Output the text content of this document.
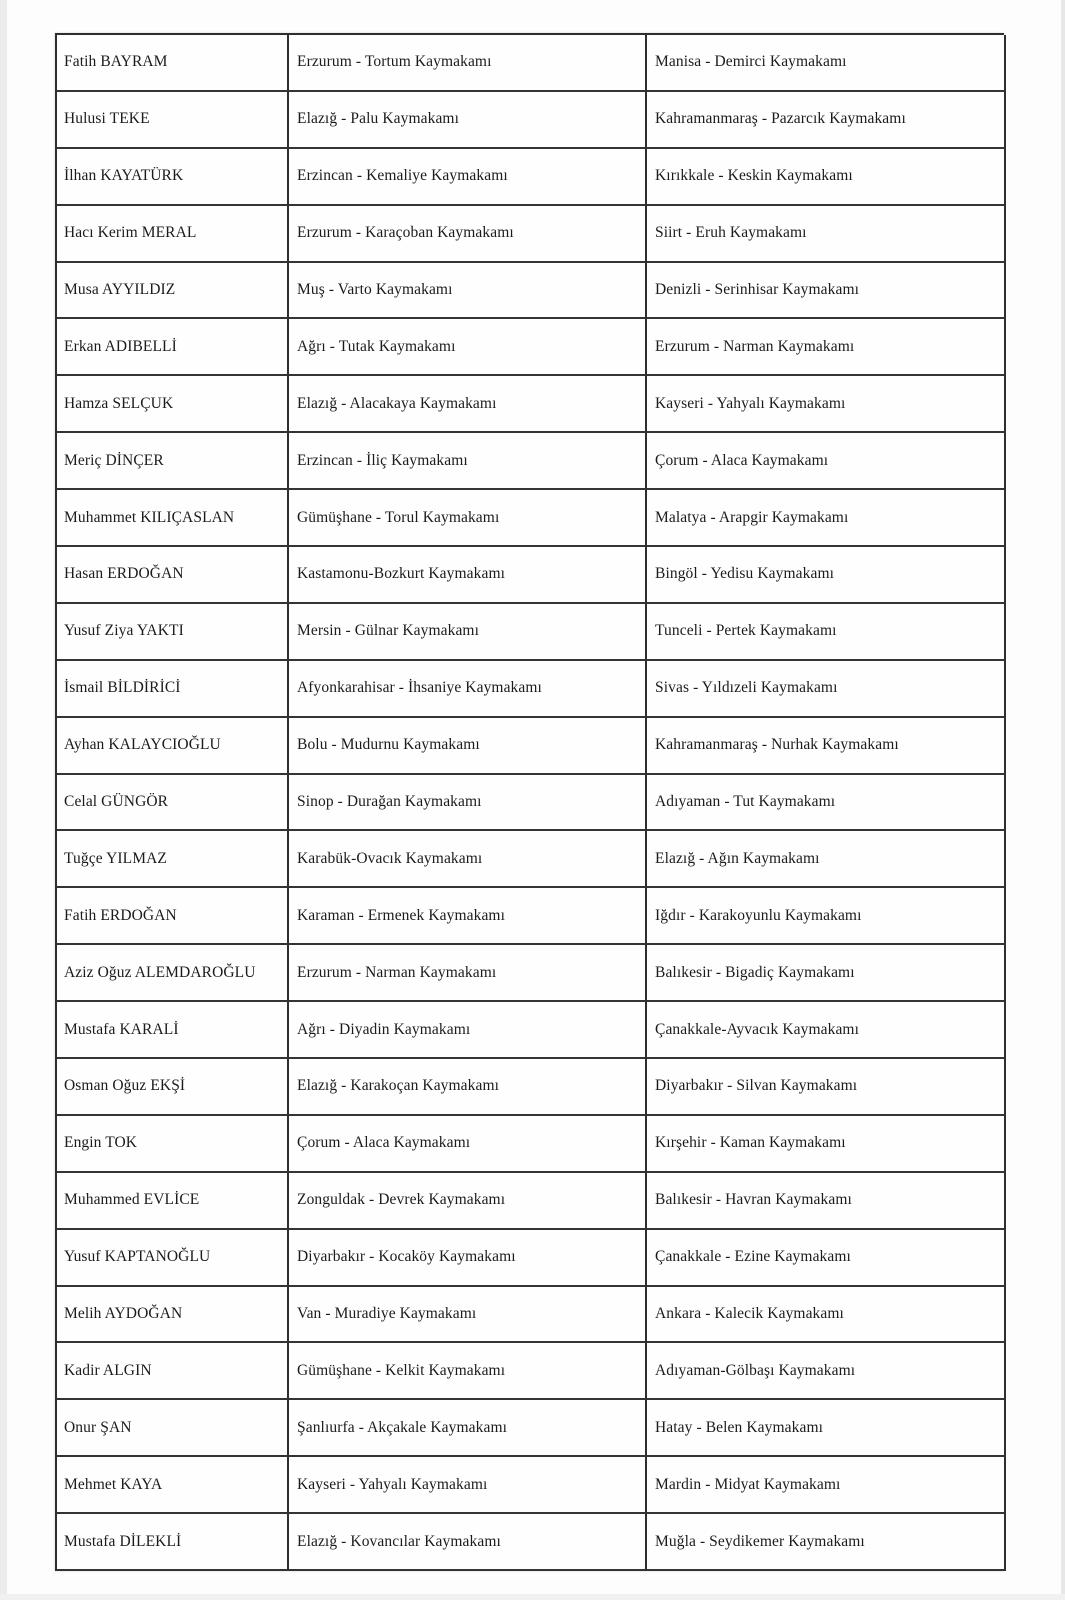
Fatih BAYRAM	Erzurum - Tortum Kaymakamı	Manisa - Demirci Kaymakamı
Hulusi TEKE	Elazığ - Palu Kaymakamı	Kahramanmaraş - Pazarcık Kaymakamı
İlhan KAYATÜRK	Erzincan - Kemaliye Kaymakamı	Kırıkkale - Keskin Kaymakamı
Hacı Kerim MERAL	Erzurum - Karaçoban Kaymakamı	Siirt - Eruh Kaymakamı
Musa AYYILDIZ	Muş - Varto Kaymakamı	Denizli - Serinhisar Kaymakamı
Erkan ADIBELLİ	Ağrı - Tutak Kaymakamı	Erzurum - Narman Kaymakamı
Hamza SELÇUK	Elazığ - Alacakaya Kaymakamı	Kayseri - Yahyalı Kaymakamı
Meriç DİNÇER	Erzincan - İliç Kaymakamı	Çorum - Alaca Kaymakamı
Muhammet KILIÇASLAN	Gümüşhane - Torul Kaymakamı	Malatya - Arapgir Kaymakamı
Hasan ERDOĞAN	Kastamonu-Bozkurt Kaymakamı	Bingöl - Yedisu Kaymakamı
Yusuf Ziya YAKTI	Mersin - Gülnar Kaymakamı	Tunceli - Pertek Kaymakamı
İsmail BİLDİRİCİ	Afyonkarahisar - İhsaniye Kaymakamı	Sivas - Yıldızeli Kaymakamı
Ayhan KALAYCIOĞLU	Bolu - Mudurnu Kaymakamı	Kahramanmaraş - Nurhak Kaymakamı
Celal GÜNGÖR	Sinop - Durağan Kaymakamı	Adıyaman - Tut Kaymakamı
Tuğçe YILMAZ	Karabük-Ovacık Kaymakamı	Elazığ - Ağın Kaymakamı
Fatih ERDOĞAN	Karaman - Ermenek Kaymakamı	Iğdır - Karakoyunlu Kaymakamı
Aziz Oğuz ALEMDAROĞLU	Erzurum - Narman Kaymakamı	Balıkesir - Bigadiç Kaymakamı
Mustafa KARALİ	Ağrı - Diyadin Kaymakamı	Çanakkale-Ayvacık Kaymakamı
Osman Oğuz EKŞİ	Elazığ - Karakoçan Kaymakamı	Diyarbakır - Silvan Kaymakamı
Engin TOK	Çorum - Alaca Kaymakamı	Kırşehir - Kaman Kaymakamı
Muhammed EVLİCE	Zonguldak - Devrek Kaymakamı	Balıkesir - Havran Kaymakamı
Yusuf KAPTANOĞLU	Diyarbakır - Kocaköy Kaymakamı	Çanakkale - Ezine Kaymakamı
Melih AYDOĞAN	Van - Muradiye Kaymakamı	Ankara - Kalecik Kaymakamı
Kadir ALGIN	Gümüşhane - Kelkit Kaymakamı	Adıyaman-Gölbaşı Kaymakamı
Onur ŞAN	Şanlıurfa - Akçakale Kaymakamı	Hatay - Belen Kaymakamı
Mehmet KAYA	Kayseri - Yahyalı Kaymakamı	Mardin - Midyat Kaymakamı
Mustafa DİLEKLİ	Elazığ - Kovancılar Kaymakamı	Muğla - Seydikemer Kaymakamı
